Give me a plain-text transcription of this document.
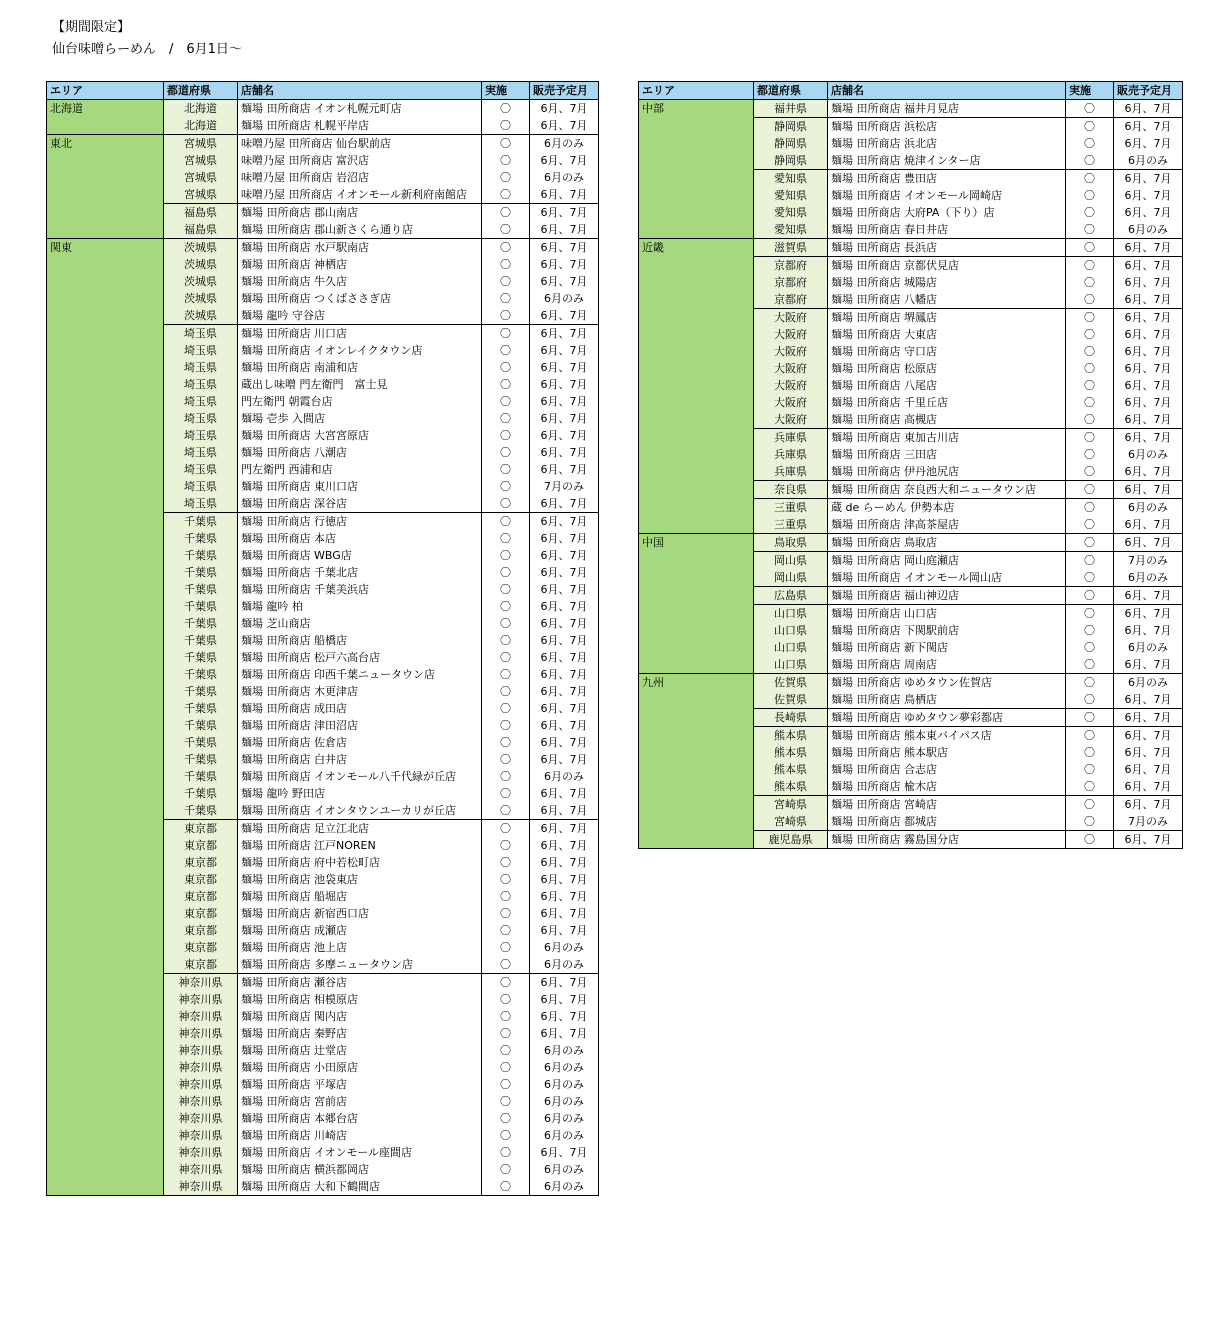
【期間限定】
仙台味噌らーめん　/　6月1日～
エリア	都道府県	店舗名	実施	販売予定月
北海道	北海道	麺場 田所商店 イオン札幌元町店	〇	6月、7月
	北海道	麺場 田所商店 札幌平岸店	〇	6月、7月
東北	宮城県	味噌乃屋 田所商店 仙台駅前店	〇	6月のみ
	宮城県	味噌乃屋 田所商店 富沢店	〇	6月、7月
	宮城県	味噌乃屋 田所商店 岩沼店	〇	6月のみ
	宮城県	味噌乃屋 田所商店 イオンモール新利府南館店	〇	6月、7月
	福島県	麺場 田所商店 郡山南店	〇	6月、7月
	福島県	麺場 田所商店 郡山新さくら通り店	〇	6月、7月
関東	茨城県	麺場 田所商店 水戸駅南店	〇	6月、7月
	茨城県	麺場 田所商店 神栖店	〇	6月、7月
	茨城県	麺場 田所商店 牛久店	〇	6月、7月
	茨城県	麺場 田所商店 つくばささぎ店	〇	6月のみ
	茨城県	麺場 龍吟 守谷店	〇	6月、7月
	埼玉県	麺場 田所商店 川口店	〇	6月、7月
	埼玉県	麺場 田所商店 イオンレイクタウン店	〇	6月、7月
	埼玉県	麺場 田所商店 南浦和店	〇	6月、7月
	埼玉県	蔵出し味噌 門左衛門　富士見	〇	6月、7月
	埼玉県	門左衛門 朝霞台店	〇	6月、7月
	埼玉県	麺場 壱歩 入間店	〇	6月、7月
	埼玉県	麺場 田所商店 大宮宮原店	〇	6月、7月
	埼玉県	麺場 田所商店 八潮店	〇	6月、7月
	埼玉県	門左衛門 西浦和店	〇	6月、7月
	埼玉県	麺場 田所商店 東川口店	〇	7月のみ
	埼玉県	麺場 田所商店 深谷店	〇	6月、7月
	千葉県	麺場 田所商店 行徳店	〇	6月、7月
	千葉県	麺場 田所商店 本店	〇	6月、7月
	千葉県	麺場 田所商店 WBG店	〇	6月、7月
	千葉県	麺場 田所商店 千葉北店	〇	6月、7月
	千葉県	麺場 田所商店 千葉美浜店	〇	6月、7月
	千葉県	麺場 龍吟 柏	〇	6月、7月
	千葉県	麺場 芝山商店	〇	6月、7月
	千葉県	麺場 田所商店 船橋店	〇	6月、7月
	千葉県	麺場 田所商店 松戸六高台店	〇	6月、7月
	千葉県	麺場 田所商店 印西千葉ニュータウン店	〇	6月、7月
	千葉県	麺場 田所商店 木更津店	〇	6月、7月
	千葉県	麺場 田所商店 成田店	〇	6月、7月
	千葉県	麺場 田所商店 津田沼店	〇	6月、7月
	千葉県	麺場 田所商店 佐倉店	〇	6月、7月
	千葉県	麺場 田所商店 白井店	〇	6月、7月
	千葉県	麺場 田所商店 イオンモール八千代緑が丘店	〇	6月のみ
	千葉県	麺場 龍吟 野田店	〇	6月、7月
	千葉県	麺場 田所商店 イオンタウンユーカリが丘店	〇	6月、7月
	東京都	麺場 田所商店 足立江北店	〇	6月、7月
	東京都	麺場 田所商店 江戸NOREN	〇	6月、7月
	東京都	麺場 田所商店 府中若松町店	〇	6月、7月
	東京都	麺場 田所商店 池袋東店	〇	6月、7月
	東京都	麺場 田所商店 船堀店	〇	6月、7月
	東京都	麺場 田所商店 新宿西口店	〇	6月、7月
	東京都	麺場 田所商店 成瀬店	〇	6月、7月
	東京都	麺場 田所商店 池上店	〇	6月のみ
	東京都	麺場 田所商店 多摩ニュータウン店	〇	6月のみ
	神奈川県	麺場 田所商店 瀬谷店	〇	6月、7月
	神奈川県	麺場 田所商店 相模原店	〇	6月、7月
	神奈川県	麺場 田所商店 関内店	〇	6月、7月
	神奈川県	麺場 田所商店 秦野店	〇	6月、7月
	神奈川県	麺場 田所商店 辻堂店	〇	6月のみ
	神奈川県	麺場 田所商店 小田原店	〇	6月のみ
	神奈川県	麺場 田所商店 平塚店	〇	6月のみ
	神奈川県	麺場 田所商店 宮前店	〇	6月のみ
	神奈川県	麺場 田所商店 本郷台店	〇	6月のみ
	神奈川県	麺場 田所商店 川崎店	〇	6月のみ
	神奈川県	麺場 田所商店 イオンモール座間店	〇	6月、7月
	神奈川県	麺場 田所商店 横浜都岡店	〇	6月のみ
	神奈川県	麺場 田所商店 大和下鶴間店	〇	6月のみ
エリア	都道府県	店舗名	実施	販売予定月
中部	福井県	麺場 田所商店 福井月見店	〇	6月、7月
	静岡県	麺場 田所商店 浜松店	〇	6月、7月
	静岡県	麺場 田所商店 浜北店	〇	6月、7月
	静岡県	麺場 田所商店 焼津インター店	〇	6月のみ
	愛知県	麺場 田所商店 豊田店	〇	6月、7月
	愛知県	麺場 田所商店 イオンモール岡崎店	〇	6月、7月
	愛知県	麺場 田所商店 大府PA（下り）店	〇	6月、7月
	愛知県	麺場 田所商店 春日井店	〇	6月のみ
近畿	滋賀県	麺場 田所商店 長浜店	〇	6月、7月
	京都府	麺場 田所商店 京都伏見店	〇	6月、7月
	京都府	麺場 田所商店 城陽店	〇	6月、7月
	京都府	麺場 田所商店 八幡店	〇	6月、7月
	大阪府	麺場 田所商店 堺鳳店	〇	6月、7月
	大阪府	麺場 田所商店 大東店	〇	6月、7月
	大阪府	麺場 田所商店 守口店	〇	6月、7月
	大阪府	麺場 田所商店 松原店	〇	6月、7月
	大阪府	麺場 田所商店 八尾店	〇	6月、7月
	大阪府	麺場 田所商店 千里丘店	〇	6月、7月
	大阪府	麺場 田所商店 高槻店	〇	6月、7月
	兵庫県	麺場 田所商店 東加古川店	〇	6月、7月
	兵庫県	麺場 田所商店 三田店	〇	6月のみ
	兵庫県	麺場 田所商店 伊丹池尻店	〇	6月、7月
	奈良県	麺場 田所商店 奈良西大和ニュータウン店	〇	6月、7月
	三重県	蔵 de らーめん 伊勢本店	〇	6月のみ
	三重県	麺場 田所商店 津高茶屋店	〇	6月、7月
中国	鳥取県	麺場 田所商店 鳥取店	〇	6月、7月
	岡山県	麺場 田所商店 岡山庭瀬店	〇	7月のみ
	岡山県	麺場 田所商店 イオンモール岡山店	〇	6月のみ
	広島県	麺場 田所商店 福山神辺店	〇	6月、7月
	山口県	麺場 田所商店 山口店	〇	6月、7月
	山口県	麺場 田所商店 下関駅前店	〇	6月、7月
	山口県	麺場 田所商店 新下関店	〇	6月のみ
	山口県	麺場 田所商店 周南店	〇	6月、7月
九州	佐賀県	麺場 田所商店 ゆめタウン佐賀店	〇	6月のみ
	佐賀県	麺場 田所商店 鳥栖店	〇	6月、7月
	長崎県	麺場 田所商店 ゆめタウン夢彩都店	〇	6月、7月
	熊本県	麺場 田所商店 熊本東バイパス店	〇	6月、7月
	熊本県	麺場 田所商店 熊本駅店	〇	6月、7月
	熊本県	麺場 田所商店 合志店	〇	6月、7月
	熊本県	麺場 田所商店 楡木店	〇	6月、7月
	宮崎県	麺場 田所商店 宮崎店	〇	6月、7月
	宮崎県	麺場 田所商店 都城店	〇	7月のみ
	鹿児島県	麺場 田所商店 霧島国分店	〇	6月、7月
